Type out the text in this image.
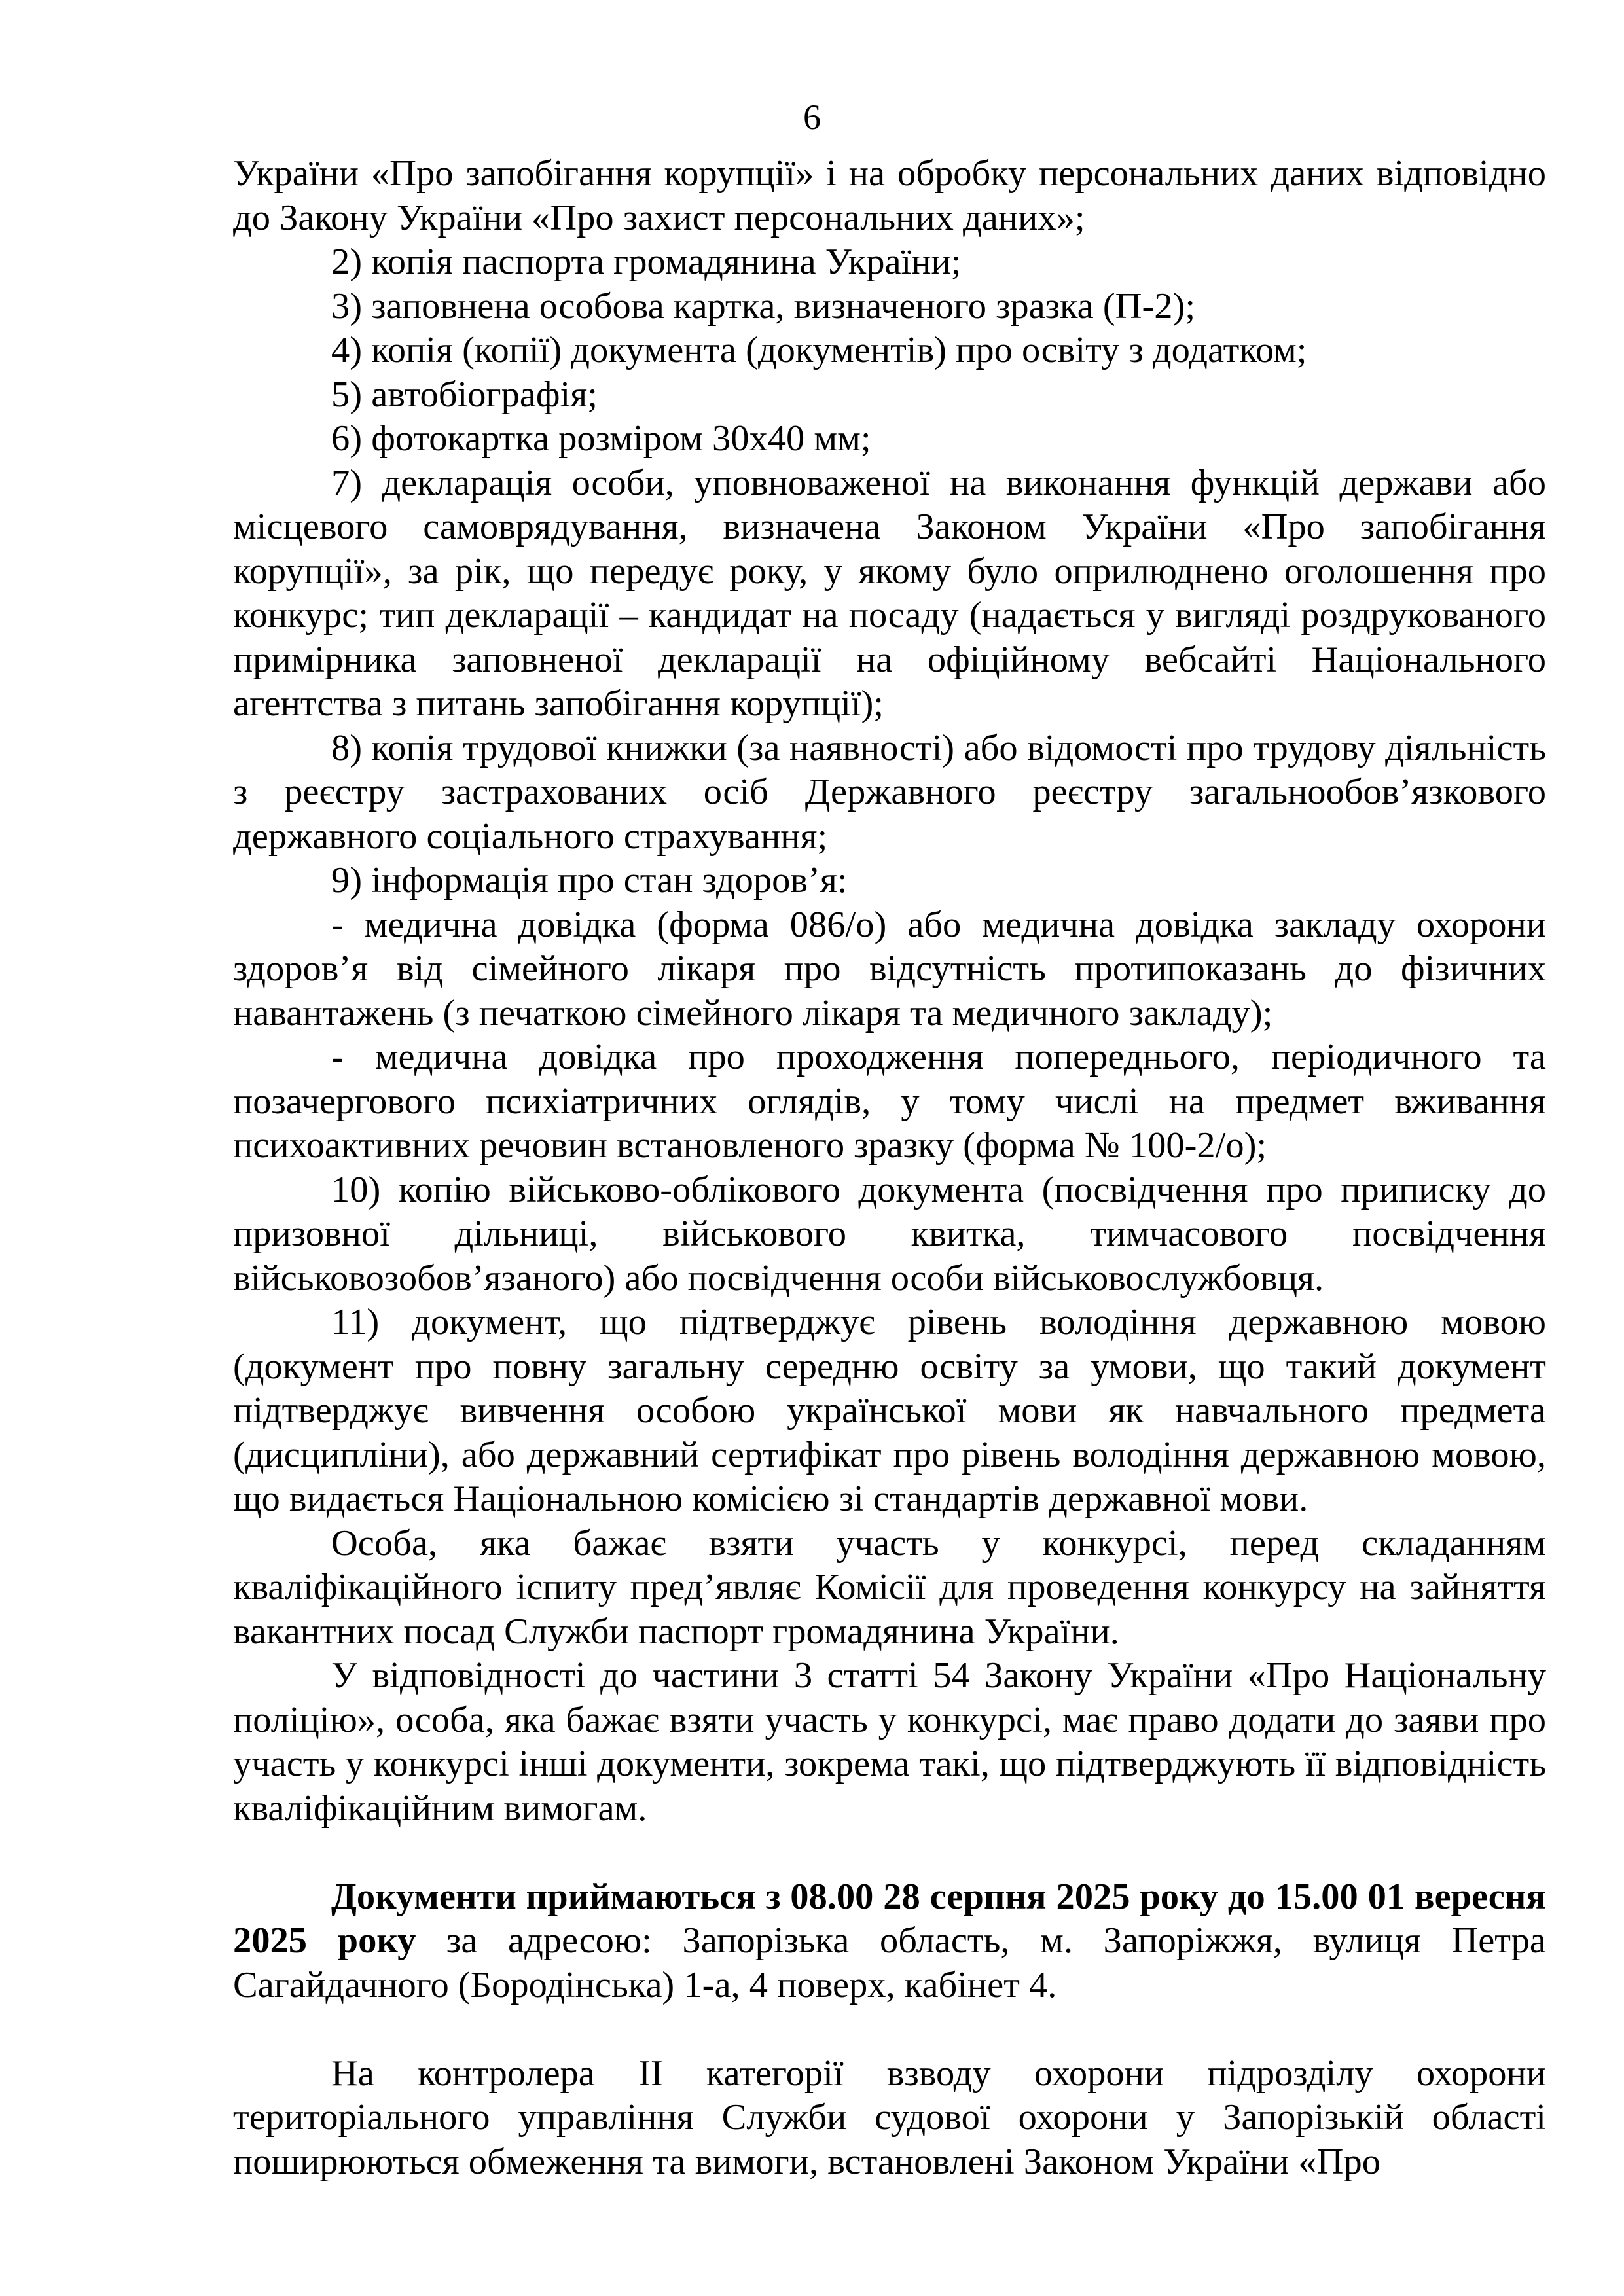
6

України «Про запобігання корупції» і на обробку персональних даних відповідно до Закону України «Про захист персональних даних»;

2) копія паспорта громадянина України;

3) заповнена особова картка, визначеного зразка (П-2);

4) копія (копії) документа (документів) про освіту з додатком;

5) автобіографія;

6) фотокартка розміром 30х40 мм;

7) декларація особи, уповноваженої на виконання функцій держави або місцевого самоврядування, визначена Законом України «Про запобігання корупції», за рік, що передує року, у якому було оприлюднено оголошення про конкурс; тип декларації – кандидат на посаду (надається у вигляді роздрукованого примірника заповненої декларації на офіційному вебсайті Національного агентства з питань запобігання корупції);

8) копія трудової книжки (за наявності) або відомості про трудову діяльність з реєстру застрахованих осіб Державного реєстру загальнообов’язкового державного соціального страхування;

9) інформація про стан здоров’я:

- медична довідка (форма 086/о) або медична довідка закладу охорони здоров’я від сімейного лікаря про відсутність протипоказань до фізичних навантажень (з печаткою сімейного лікаря та медичного закладу);

- медична довідка про проходження попереднього, періодичного та позачергового психіатричних оглядів, у тому числі на предмет вживання психоактивних речовин встановленого зразку (форма № 100-2/о);

10) копію військово-облікового документа (посвідчення про приписку до призовної дільниці, військового квитка, тимчасового посвідчення військовозобов’язаного) або посвідчення особи військовослужбовця.

11) документ, що підтверджує рівень володіння державною мовою (документ про повну загальну середню освіту за умови, що такий документ підтверджує вивчення особою української мови як навчального предмета (дисципліни), або державний сертифікат про рівень володіння державною мовою, що видається Національною комісією зі стандартів державної мови.

Особа, яка бажає взяти участь у конкурсі, перед складанням кваліфікаційного іспиту пред’являє Комісії для проведення конкурсу на зайняття вакантних посад Служби паспорт громадянина України.

У відповідності до частини 3 статті 54 Закону України «Про Національну поліцію», особа, яка бажає взяти участь у конкурсі, має право додати до заяви про участь у конкурсі інші документи, зокрема такі, що підтверджують її відповідність кваліфікаційним вимогам.

Документи приймаються з 08.00 28 серпня 2025 року до 15.00 01 вересня 2025 року за адресою: Запорізька область, м. Запоріжжя, вулиця Петра Сагайдачного (Бородінська) 1-а, 4 поверх, кабінет 4.

На контролера ІІ категорії взводу охорони підрозділу охорони територіального управління Служби судової охорони у Запорізькій області поширюються обмеження та вимоги, встановлені Законом України «Про
